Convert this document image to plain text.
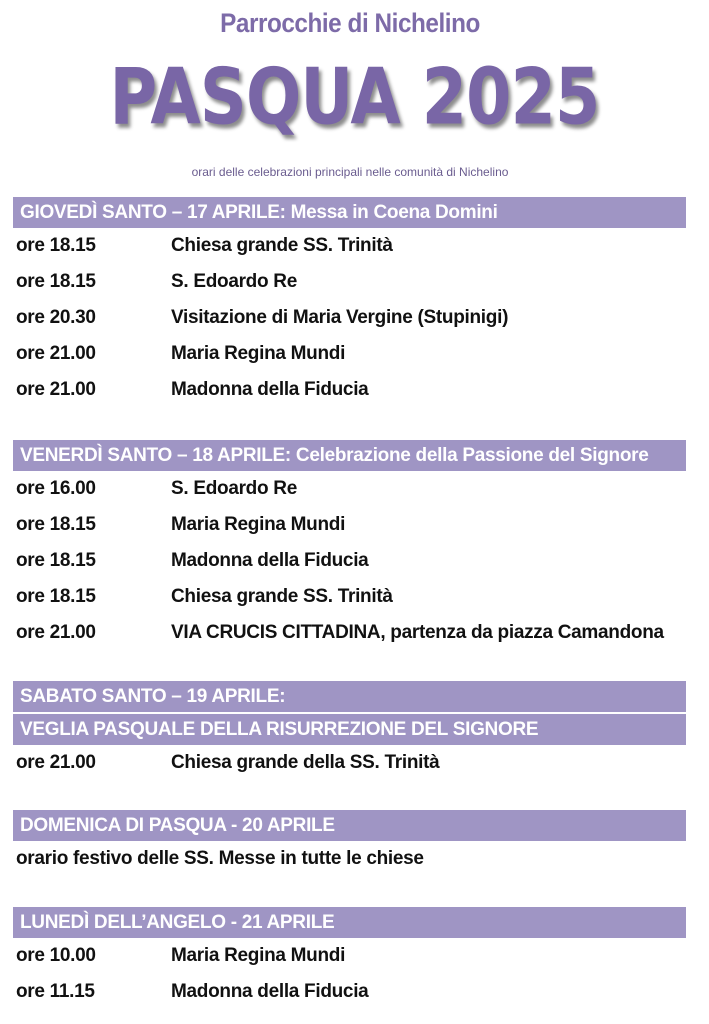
Parrocchie di Nichelino
PASQUA 2025
orari delle celebrazioni principali nelle comunità di Nichelino
GIOVEDÌ SANTO – 17 APRILE: Messa in Coena Domini
ore 18.15	Chiesa grande SS. Trinità
ore 18.15	S. Edoardo Re
ore 20.30	Visitazione di Maria Vergine (Stupinigi)
ore 21.00	Maria Regina Mundi
ore 21.00	Madonna della Fiducia
VENERDÌ SANTO – 18 APRILE: Celebrazione della Passione del Signore
ore 16.00	S. Edoardo Re
ore 18.15	Maria Regina Mundi
ore 18.15	Madonna della Fiducia
ore 18.15	Chiesa grande SS. Trinità
ore 21.00	VIA CRUCIS CITTADINA, partenza da piazza Camandona
SABATO SANTO – 19 APRILE:
VEGLIA PASQUALE DELLA RISURREZIONE DEL SIGNORE
ore 21.00	Chiesa grande della SS. Trinità
DOMENICA DI PASQUA - 20 APRILE
orario festivo delle SS. Messe in tutte le chiese
LUNEDÌ DELL’ANGELO - 21 APRILE
ore 10.00	Maria Regina Mundi
ore 11.15	Madonna della Fiducia
